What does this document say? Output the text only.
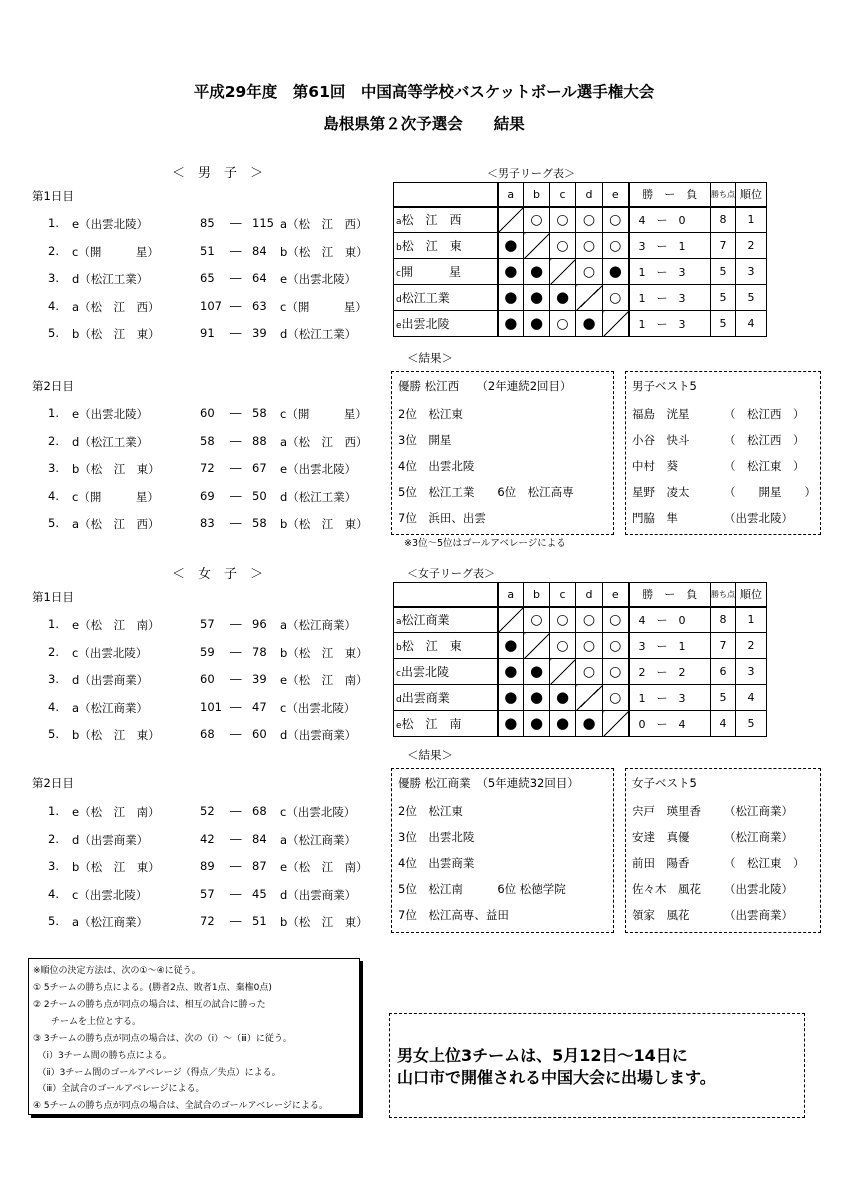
平成29年度　第61回　中国高等学校バスケットボール選手権大会
島根県第２次予選会　　結果
＜　男　子　＞	＜男子リーグ表＞
第1日目
1. e（出雲北陵）	85 ― 115 a（松　江　西）
2. c（開　　　星）	51 ― 84 b（松　江　東）
3. d（松江工業）	65 ― 64 e（出雲北陵）
4. a（松　江　西）	107 ― 63 c（開　　　星）
5. b（松　江　東）	91 ― 39 d（松江工業）
	a	b	c	d	e	勝　ー　負	勝ち点	順位
a松　江　西		○	○	○	○	4　ー　0	8	1
b松　江　東	●		○	○	○	3　ー　1	7	2
c開　　　星	●	●		○	●	1　ー　3	5	3
d松江工業	●	●	●		○	1　ー　3	5	5
e出雲北陵	●	●	○	●		1　ー　3	5	4
＜結果＞
第2日目
1. e（出雲北陵）	60 ― 58 c（開　　　星）
2. d（松江工業）	58 ― 88 a（松　江　西）
3. b（松　江　東）	72 ― 67 e（出雲北陵）
4. c（開　　　星）	69 ― 50 d（松江工業）
5. a（松　江　西）	83 ― 58 b（松　江　東）
優勝 松江西　　（2年連続2回目）
2位　松江東
3位　開星
4位　出雲北陵
5位　松江工業　　6位　松江高専
7位　浜田、出雲
※3位～5位はゴールアベレージによる
男子ベスト5
福島　洸星	（　松江西　）
小谷　快斗	（　松江西　）
中村　葵	（　松江東　）
星野　凌太	（　　開星　　）
門脇　隼	（出雲北陵）
＜　女　子　＞	＜女子リーグ表＞
第1日目
1. e（松　江　南）	57 ― 96 a（松江商業）
2. c（出雲北陵）	59 ― 78 b（松　江　東）
3. d（出雲商業）	60 ― 39 e（松　江　南）
4. a（松江商業）	101 ― 47 c（出雲北陵）
5. b（松　江　東）	68 ― 60 d（出雲商業）
	a	b	c	d	e	勝　ー　負	勝ち点	順位
a松江商業		○	○	○	○	4　ー　0	8	1
b松　江　東	●		○	○	○	3　ー　1	7	2
c出雲北陵	●	●		○	○	2　ー　2	6	3
d出雲商業	●	●	●		○	1　ー　3	5	4
e松　江　南	●	●	●	●		0　ー　4	4	5
＜結果＞
第2日目
1. e（松　江　南）	52 ― 68 c（出雲北陵）
2. d（出雲商業）	42 ― 84 a（松江商業）
3. b（松　江　東）	89 ― 87 e（松　江　南）
4. c（出雲北陵）	57 ― 45 d（出雲商業）
5. a（松江商業）	72 ― 51 b（松　江　東）
優勝 松江商業　（5年連続32回目）
2位　松江東
3位　出雲北陵
4位　出雲商業
5位　松江南　　　6位 松徳学院
7位　松江高専、益田
女子ベスト5
宍戸　瑛里香 （松江商業）
安達　真優	（松江商業）
前田　陽香	（　松江東　）
佐々木　風花 （出雲北陵）
領家　風花	（出雲商業）
※順位の決定方法は、次の①～④に従う。
① 5チームの勝ち点による。(勝者2点、敗者1点、棄権0点)
② 2チームの勝ち点が同点の場合は、相互の試合に勝った
　　チームを上位とする。
③ 3チームの勝ち点が同点の場合は、次の（ⅰ）～（ⅲ）に従う。
　（ⅰ）3チーム間の勝ち点による。
　（ⅱ）3チーム間のゴールアベレージ（得点／失点）による。
　（ⅲ）全試合のゴールアベレージによる。
④ 5チームの勝ち点が同点の場合は、全試合のゴールアベレージによる。
男女上位3チームは、5月12日～14日に
山口市で開催される中国大会に出場します。
